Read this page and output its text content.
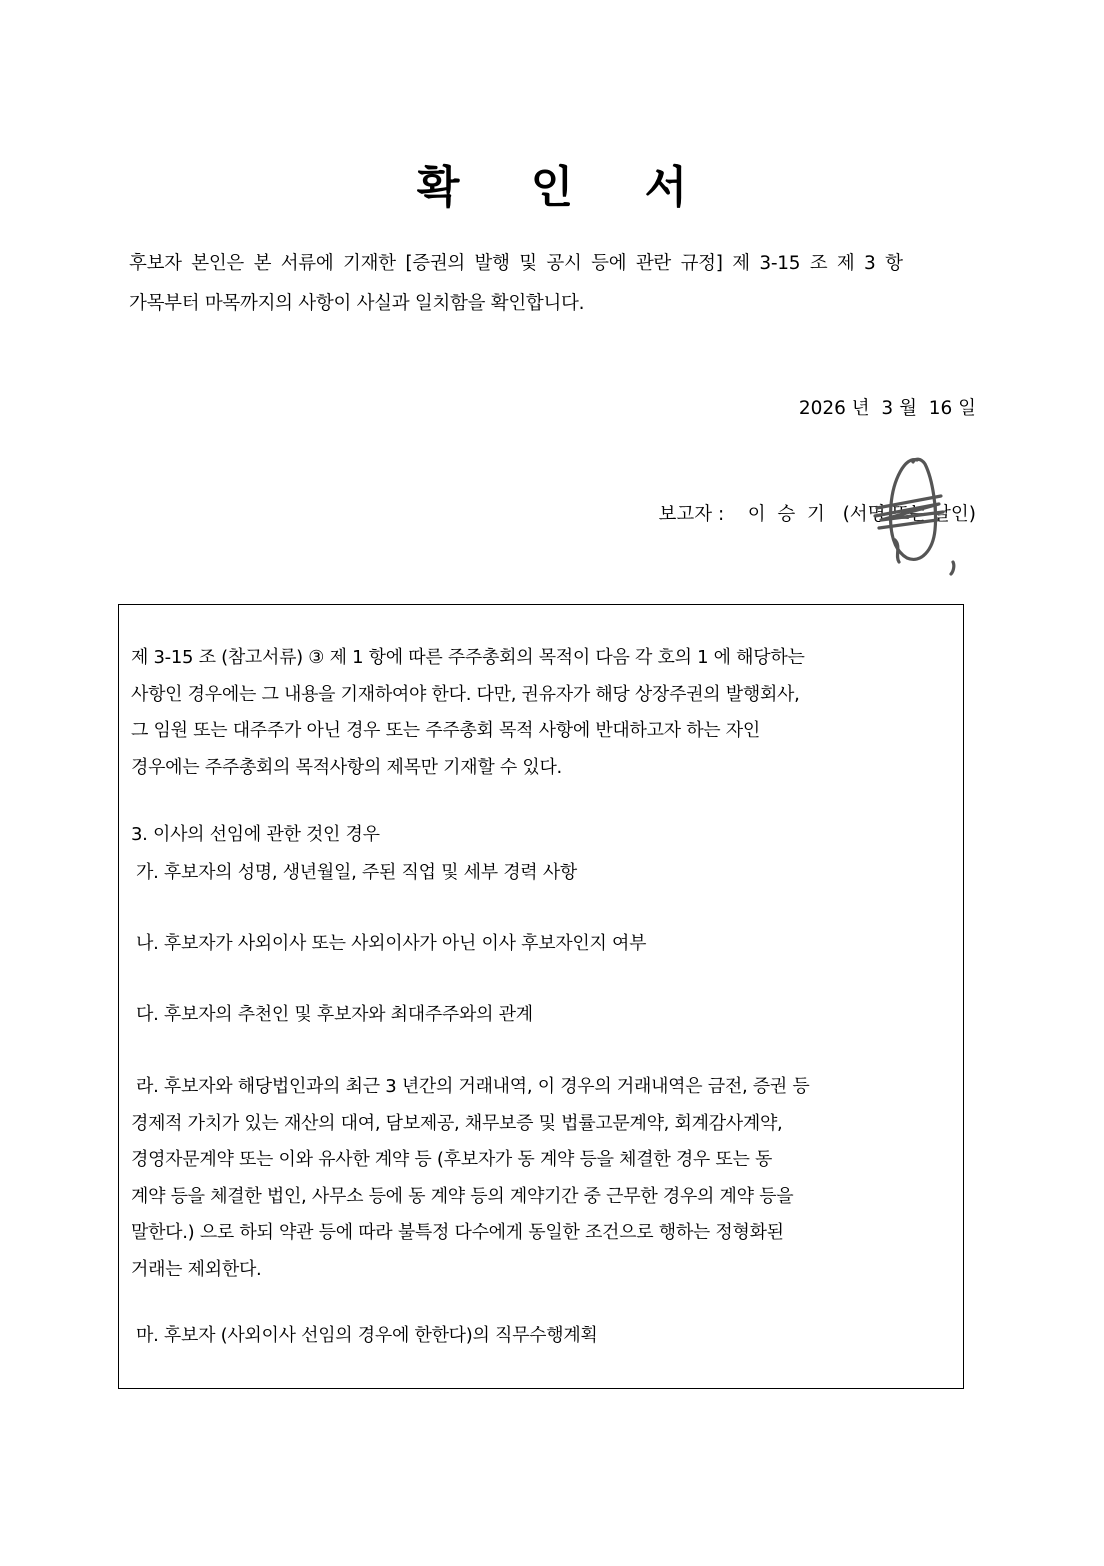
확 인 서
후보자 본인은 본 서류에 기재한 [증권의 발행 및 공시 등에 관란 규정] 제 3-15 조 제 3 항
가목부터 마목까지의 사항이 사실과 일치함을 확인합니다.
2026 년  3 월  16 일
보고자 :    이  승  기   (서명 또는 날인)
제 3-15 조 (참고서류) ③ 제 1 항에 따른 주주총회의 목적이 다음 각 호의 1 에 해당하는
사항인 경우에는 그 내용을 기재하여야 한다. 다만, 권유자가 해당 상장주권의 발행회사,
그 임원 또는 대주주가 아닌 경우 또는 주주총회 목적 사항에 반대하고자 하는 자인
경우에는 주주총회의 목적사항의 제목만 기재할 수 있다.
3. 이사의 선임에 관한 것인 경우
가. 후보자의 성명, 생년월일, 주된 직업 및 세부 경력 사항
나. 후보자가 사외이사 또는 사외이사가 아닌 이사 후보자인지 여부
다. 후보자의 추천인 및 후보자와 최대주주와의 관계
라. 후보자와 해당법인과의 최근 3 년간의 거래내역, 이 경우의 거래내역은 금전, 증권 등
경제적 가치가 있는 재산의 대여, 담보제공, 채무보증 및 법률고문계약, 회계감사계약,
경영자문계약 또는 이와 유사한 계약 등 (후보자가 동 계약 등을 체결한 경우 또는 동
계약 등을 체결한 법인, 사무소 등에 동 계약 등의 계약기간 중 근무한 경우의 계약 등을
말한다.) 으로 하되 약관 등에 따라 불특정 다수에게 동일한 조건으로 행하는 정형화된
거래는 제외한다.
마. 후보자 (사외이사 선임의 경우에 한한다)의 직무수행계획
